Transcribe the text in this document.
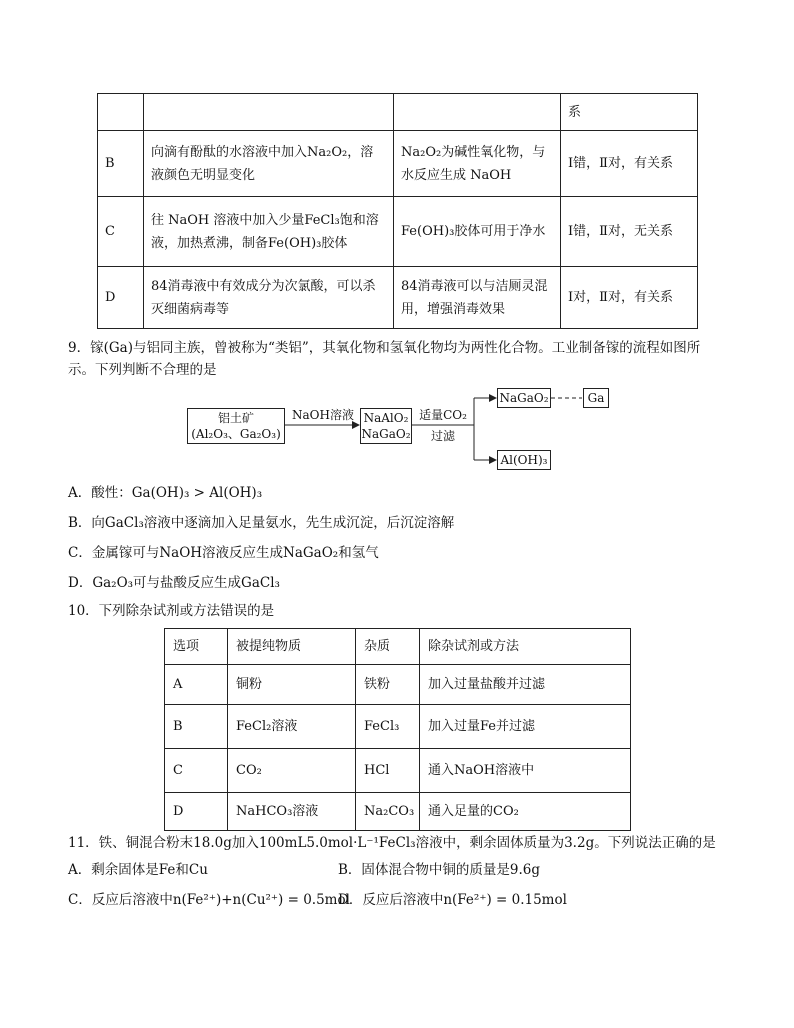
			系
B	向滴有酚酞的水溶液中加入Na₂O₂，溶液颜色无明显变化	Na₂O₂为碱性氧化物，与水反应生成 NaOH	Ⅰ错，Ⅱ对，有关系
C	往 NaOH 溶液中加入少量FeCl₃饱和溶液，加热煮沸，制备Fe(OH)₃胶体	Fe(OH)₃胶体可用于净水	Ⅰ错，Ⅱ对，无关系
D	84消毒液中有效成分为次氯酸，可以杀灭细菌病毒等	84消毒液可以与洁厕灵混用，增强消毒效果	Ⅰ对，Ⅱ对，有关系
9．镓(Ga)与铝同主族，曾被称为“类铝”，其氧化物和氢氧化物均为两性化合物。工业制备镓的流程如图所
示。下列判断不合理的是
铝土矿
(Al₂O₃、Ga₂O₃)
NaOH溶液 NaAlO₂
NaGaO₂
适量CO₂
过滤
NaGaO₂	Ga
Al(OH)₃
A．酸性：Ga(OH)₃ > Al(OH)₃
B．向GaCl₃溶液中逐滴加入足量氨水，先生成沉淀，后沉淀溶解
C．金属镓可与NaOH溶液反应生成NaGaO₂和氢气
D．Ga₂O₃可与盐酸反应生成GaCl₃
10．下列除杂试剂或方法错误的是
选项	被提纯物质	杂质	除杂试剂或方法
A	铜粉	铁粉	加入过量盐酸并过滤
B	FeCl₂溶液	FeCl₃	加入过量Fe并过滤
C	CO₂	HCl	通入NaOH溶液中
D	NaHCO₃溶液	Na₂CO₃	通入足量的CO₂
11．铁、铜混合粉末18.0g加入100mL5.0mol·L⁻¹FeCl₃溶液中，剩余固体质量为3.2g。下列说法正确的是
A．剩余固体是Fe和Cu	B．固体混合物中铜的质量是9.6g
C．反应后溶液中n(Fe²⁺)+n(Cu²⁺) = 0.5mol
D．反应后溶液中n(Fe²⁺) = 0.15mol
